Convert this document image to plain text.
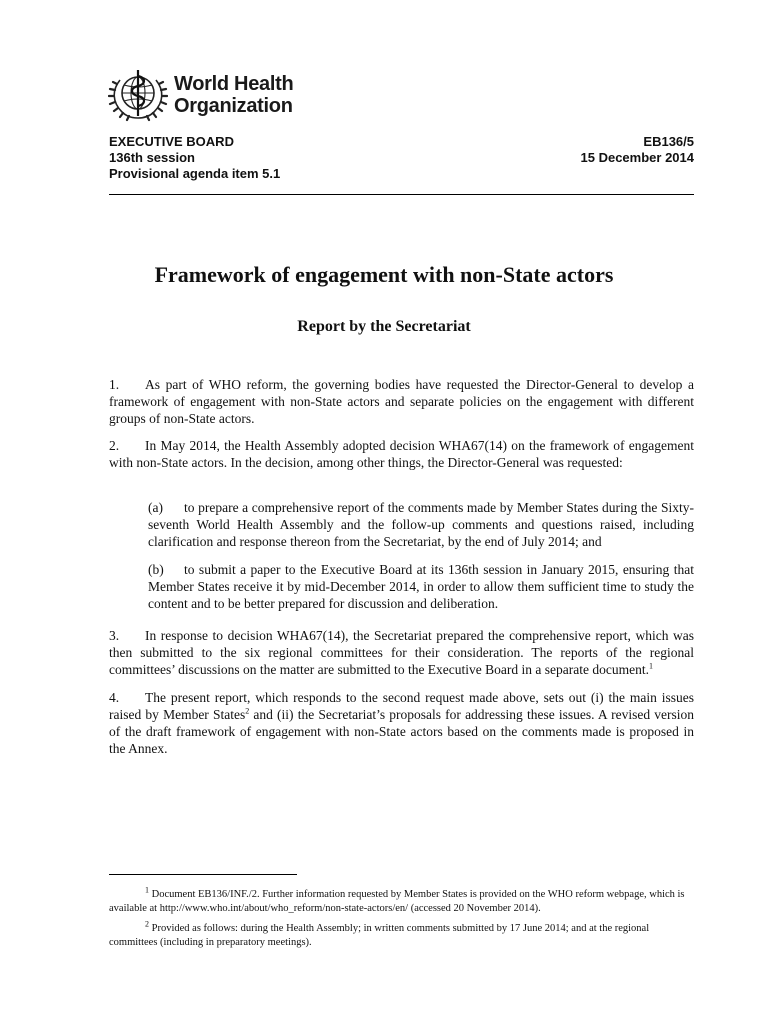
World Health
Organization
EXECUTIVE BOARD
136th session
Provisional agenda item 5.1
EB136/5
15 December 2014
Framework of engagement with non-State actors
Report by the Secretariat
1. As part of WHO reform, the governing bodies have requested the Director-General to develop a framework of engagement with non-State actors and separate policies on the engagement with different groups of non-State actors.
2. In May 2014, the Health Assembly adopted decision WHA67(14) on the framework of engagement with non-State actors. In the decision, among other things, the Director-General was requested:
(a) to prepare a comprehensive report of the comments made by Member States during the Sixty-seventh World Health Assembly and the follow-up comments and questions raised, including clarification and response thereon from the Secretariat, by the end of July 2014; and
(b) to submit a paper to the Executive Board at its 136th session in January 2015, ensuring that Member States receive it by mid-December 2014, in order to allow them sufficient time to study the content and to be better prepared for discussion and deliberation.
3. In response to decision WHA67(14), the Secretariat prepared the comprehensive report, which was then submitted to the six regional committees for their consideration. The reports of the regional committees’ discussions on the matter are submitted to the Executive Board in a separate document.$^1$
4. The present report, which responds to the second request made above, sets out (i) the main issues raised by Member States$^2$ and (ii) the Secretariat’s proposals for addressing these issues. A revised version of the draft framework of engagement with non-State actors based on the comments made is proposed in the Annex.
$^1$ Document EB136/INF./2. Further information requested by Member States is provided on the WHO reform webpage, which is available at http://www.who.int/about/who_reform/non-state-actors/en/ (accessed 20 November 2014).
$^2$ Provided as follows: during the Health Assembly; in written comments submitted by 17 June 2014; and at the regional committees (including in preparatory meetings).
